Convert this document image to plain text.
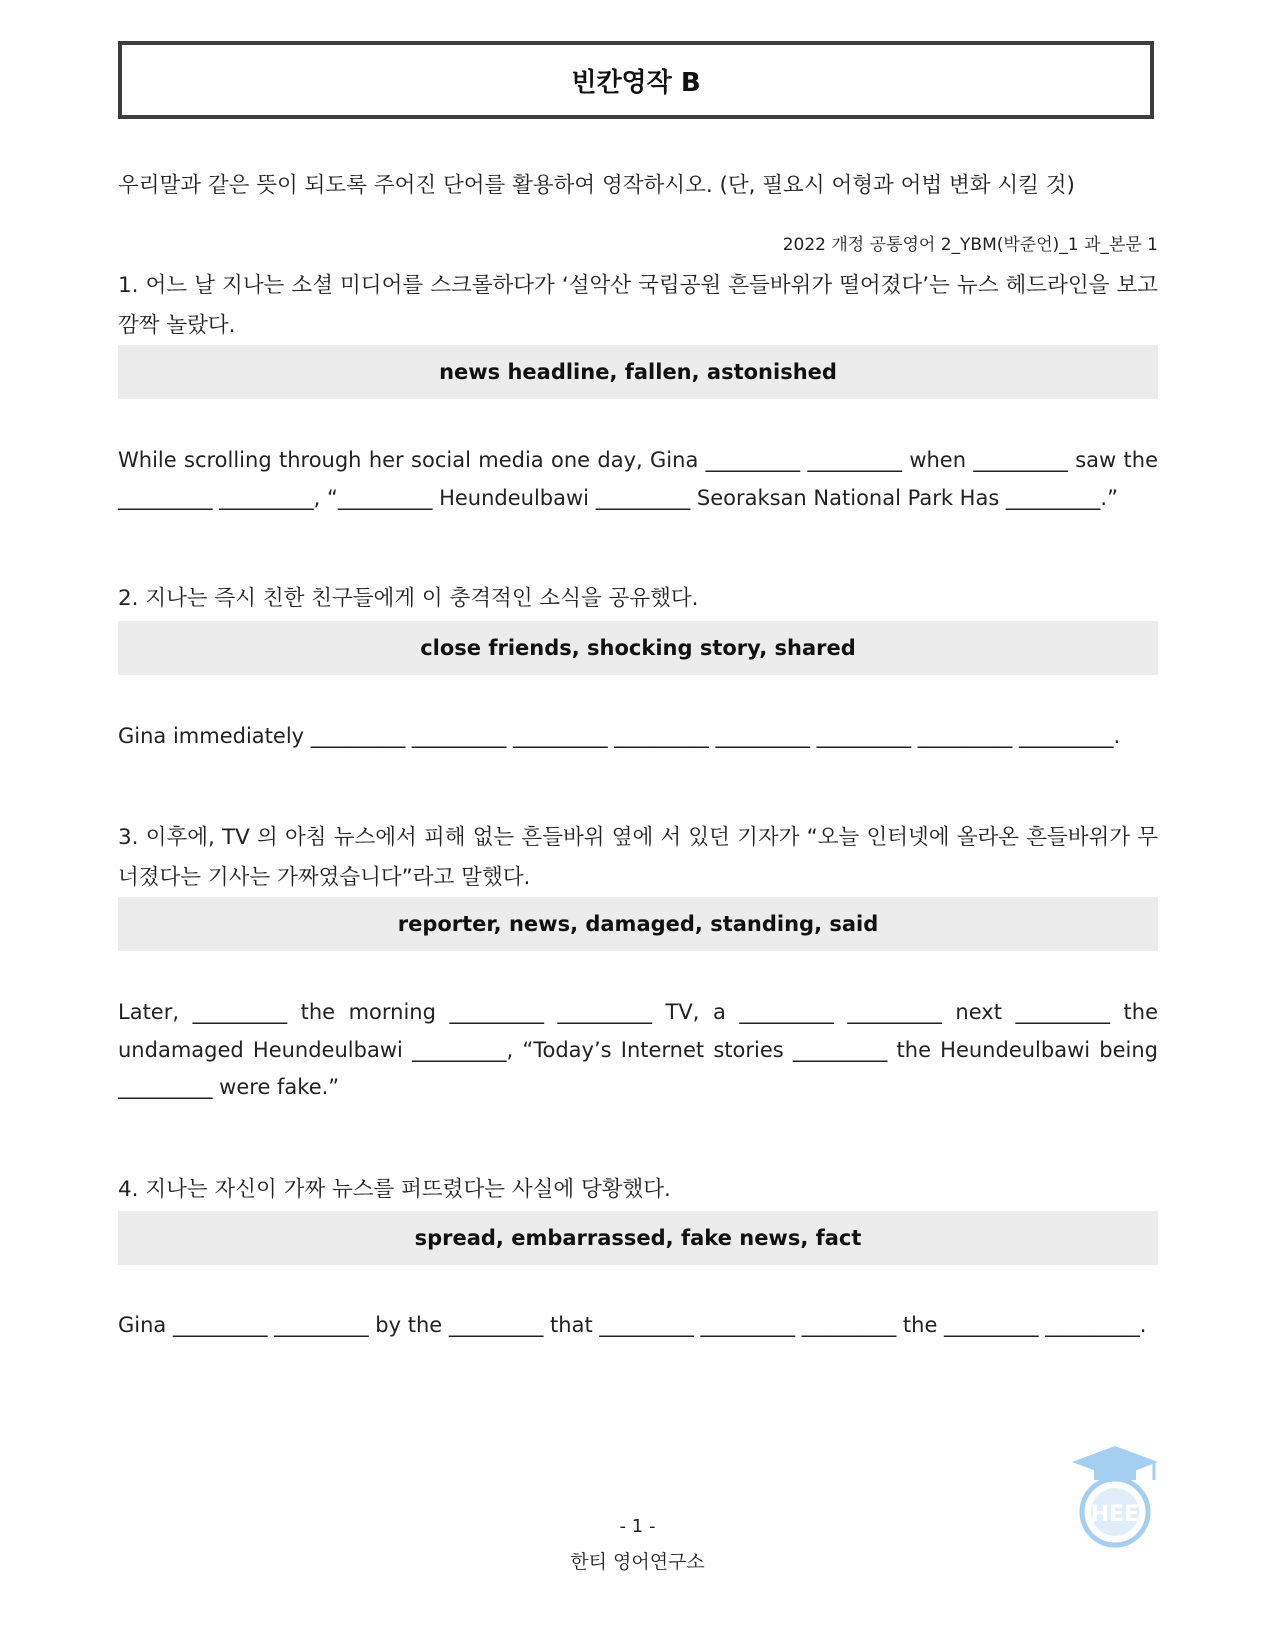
빈칸영작 B
우리말과 같은 뜻이 되도록 주어진 단어를 활용하여 영작하시오. (단, 필요시 어형과 어법 변화 시킬 것)
2022 개정 공통영어 2_YBM(박준언)_1 과_본문 1
1. 어느 날 지나는 소셜 미디어를 스크롤하다가 ‘설악산 국립공원 흔들바위가 떨어졌다’는 뉴스 헤드라인을 보고 깜짝 놀랐다.
news headline, fallen, astonished
While scrolling through her social media one day, Gina _________ _________ when _________ saw the
_________ _________, “_________ Heundeulbawi _________ Seoraksan National Park Has _________.”
2. 지나는 즉시 친한 친구들에게 이 충격적인 소식을 공유했다.
close friends, shocking story, shared
Gina immediately _________ _________ _________ _________ _________ _________ _________ _________.
3. 이후에, TV 의 아침 뉴스에서 피해 없는 흔들바위 옆에 서 있던 기자가 “오늘 인터넷에 올라온 흔들바위가 무너졌다는 기사는 가짜였습니다”라고 말했다.
reporter, news, damaged, standing, said
Later, _________ the morning _________ _________ TV, a _________ _________ next _________ the
undamaged Heundeulbawi _________, “Today’s Internet stories _________ the Heundeulbawi being
_________ were fake.”
4. 지나는 자신이 가짜 뉴스를 퍼뜨렸다는 사실에 당황했다.
spread, embarrassed, fake news, fact
Gina _________ _________ by the _________ that _________ _________ _________ the _________ _________.
HEE
- 1 -
한티 영어연구소
